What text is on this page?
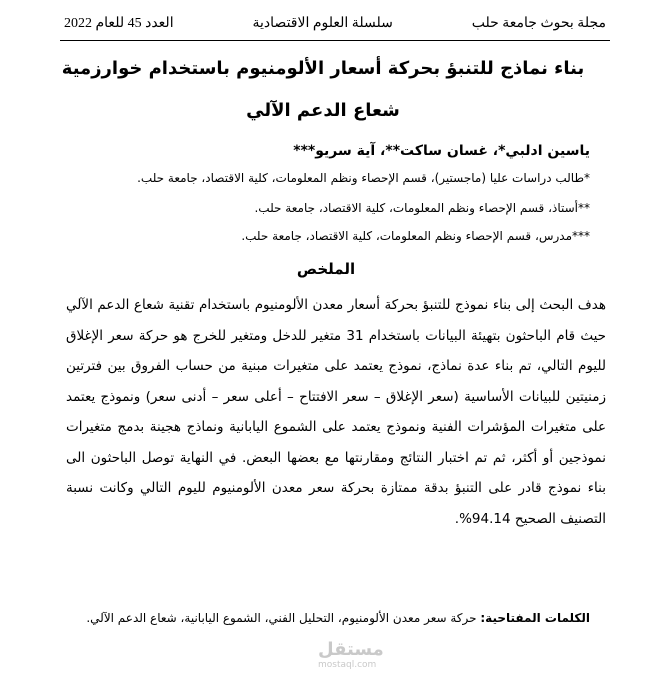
مجلة بحوث جامعة حلب
سلسلة العلوم الاقتصادية
العدد 45 للعام 2022
بناء نماذج للتنبؤ بحركة أسعار الألومنيوم باستخدام خوارزمية
شعاع الدعم الآلي
ياسين ادلبي*، غسان ساكت**، آية سريو***
*طالب دراسات عليا (ماجستير)، قسم الإحصاء ونظم المعلومات، كلية الاقتصاد، جامعة حلب.
**أستاذ، قسم الإحصاء ونظم المعلومات، كلية الاقتصاد، جامعة حلب.
***مدرس، قسم الإحصاء ونظم المعلومات، كلية الاقتصاد، جامعة حلب.
الملخص
هدف البحث إلى بناء نموذج للتنبؤ بحركة أسعار معدن الألومنيوم باستخدام تقنية شعاع الدعم الآلي حيث قام الباحثون بتهيئة البيانات باستخدام 31 متغير للدخل ومتغير للخرج هو حركة سعر الإغلاق لليوم التالي، تم بناء عدة نماذج، نموذج يعتمد على متغيرات مبنية من حساب الفروق بين فترتين زمنيتين للبيانات الأساسية (سعر الإغلاق – سعر الافتتاح – أعلى سعر – أدنى سعر) ونموذج يعتمد على متغيرات المؤشرات الفنية ونموذج يعتمد على الشموع اليابانية ونماذج هجينة بدمج متغيرات نموذجين أو أكثر، ثم تم اختبار النتائج ومقارنتها مع بعضها البعض. في النهاية توصل الباحثون الى بناء نموذج قادر على التنبؤ بدقة ممتازة بحركة سعر معدن الألومنيوم لليوم التالي وكانت نسبة التصنيف الصحيح 94.14%.
الكلمات المفتاحية: حركة سعر معدن الألومنيوم، التحليل الفني، الشموع اليابانية، شعاع الدعم الآلي.
مستقل
mostaql.com
